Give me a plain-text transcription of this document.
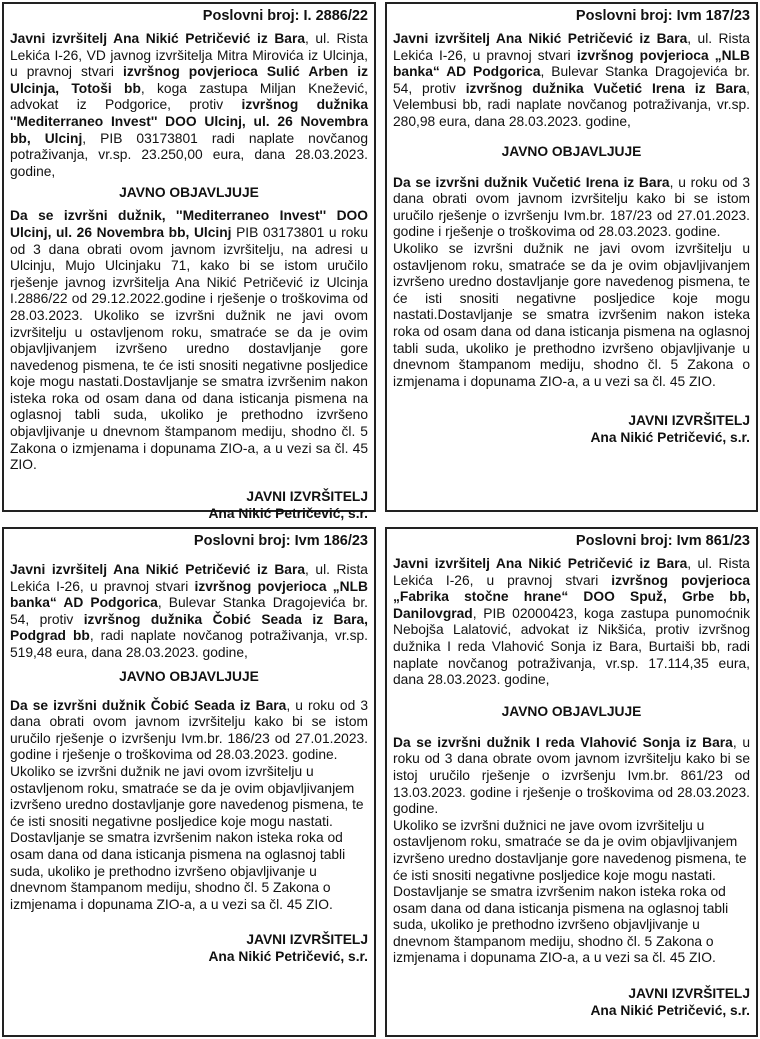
Poslovni broj: I. 2886/22

Javni izvršitelj Ana Nikić Petričević iz Bara, ul. Rista Lekića I-26, VD javnog izvršitelja Mitra Mirovića iz Ulcinja, u pravnoj stvari izvršnog povjerioca Sulić Arben iz Ulcinja, Totoši bb, koga zastupa Miljan Knežević, advokat iz Podgorice, protiv izvršnog dužnika ''Mediterraneo Invest'' DOO Ulcinj, ul. 26 Novembra bb, Ulcinj, PIB 03173801 radi naplate novčanog potraživanja, vr.sp. 23.250,00 eura, dana 28.03.2023. godine,

JAVNO OBJAVLJUJE

Da se izvršni dužnik, ''Mediterraneo Invest'' DOO Ulcinj, ul. 26 Novembra bb, Ulcinj PIB 03173801 u roku od 3 dana obrati ovom javnom izvršitelju, na adresi u Ulcinju, Mujo Ulcinjaku 71, kako bi se istom uručilo rješenje javnog izvršitelja Ana Nikić Petričević iz Ulcinja I.2886/22 od 29.12.2022.godine i rješenje o troškovima od 28.03.2023. Ukoliko se izvršni dužnik ne javi ovom izvršitelju u ostavljenom roku, smatraće se da je ovim objavljivanjem izvršeno uredno dostavljanje gore navedenog pismena, te će isti snositi negativne posljedice koje mogu nastati.Dostavljanje se smatra izvršenim nakon isteka roka od osam dana od dana isticanja pismena na oglasnoj tabli suda, ukoliko je prethodno izvršeno objavljivanje u dnevnom štampanom mediju, shodno čl. 5 Zakona o izmjenama i dopunama ZIO-a, a u vezi sa čl. 45 ZIO.

JAVNI IZVRŠITELJ
Ana Nikić Petričević, s.r.
Poslovni broj: Ivm 187/23

Javni izvršitelj Ana Nikić Petričević iz Bara, ul. Rista Lekića I-26, u pravnoj stvari izvršnog povjerioca „NLB banka“ AD Podgorica, Bulevar Stanka Dragojevića br. 54, protiv izvršnog dužnika Vučetić Irena iz Bara, Velembusi bb, radi naplate novčanog potraživanja, vr.sp. 280,98 eura, dana 28.03.2023. godine,

JAVNO OBJAVLJUJE

Da se izvršni dužnik Vučetić Irena iz Bara, u roku od 3 dana obrati ovom javnom izvršitelju kako bi se istom uručilo rješenje o izvršenju Ivm.br. 187/23 od 27.01.2023. godine i rješenje o troškovima od 28.03.2023. godine.

Ukoliko se izvršni dužnik ne javi ovom izvršitelju u ostavljenom roku, smatraće se da je ovim objavljivanjem izvršeno uredno dostavljanje gore navedenog pismena, te će isti snositi negativne posljedice koje mogu nastati.Dostavljanje se smatra izvršenim nakon isteka roka od osam dana od dana isticanja pismena na oglasnoj tabli suda, ukoliko je prethodno izvršeno objavljivanje u dnevnom štampanom mediju, shodno čl. 5 Zakona o izmjenama i dopunama ZIO-a, a u vezi sa čl. 45 ZIO.

JAVNI IZVRŠITELJ
Ana Nikić Petričević, s.r.
Poslovni broj: Ivm 186/23

Javni izvršitelj Ana Nikić Petričević iz Bara, ul. Rista Lekića I-26, u pravnoj stvari izvršnog povjerioca „NLB banka“ AD Podgorica, Bulevar Stanka Dragojevića br. 54, protiv izvršnog dužnika Čobić Seada iz Bara, Podgrad bb, radi naplate novčanog potraživanja, vr.sp. 519,48 eura, dana 28.03.2023. godine,

JAVNO OBJAVLJUJE

Da se izvršni dužnik Čobić Seada iz Bara, u roku od 3 dana obrati ovom javnom izvršitelju kako bi se istom uručilo rješenje o izvršenju Ivm.br. 186/23 od 27.01.2023. godine i rješenje o troškovima od 28.03.2023. godine.

Ukoliko se izvršni dužnik ne javi ovom izvršitelju u ostavljenom roku, smatraće se da je ovim objavljivanjem izvršeno uredno dostavljanje gore navedenog pismena, te će isti snositi negativne posljedice koje mogu nastati.

Dostavljanje se smatra izvršenim nakon isteka roka od osam dana od dana isticanja pismena na oglasnoj tabli suda, ukoliko je prethodno izvršeno objavljivanje u dnevnom štampanom mediju, shodno čl. 5 Zakona o izmjenama i dopunama ZIO-a, a u vezi sa čl. 45 ZIO.

JAVNI IZVRŠITELJ
Ana Nikić Petričević, s.r.
Poslovni broj: Ivm 861/23

Javni izvršitelj Ana Nikić Petričević iz Bara, ul. Rista Lekića I-26, u pravnoj stvari izvršnog povjerioca „Fabrika stočne hrane“ DOO Spuž, Grbe bb, Danilovgrad, PIB 02000423, koga zastupa punomoćnik Nebojša Lalatović, advokat iz Nikšića, protiv izvršnog dužnika I reda Vlahović Sonja iz Bara, Burtaiši bb, radi naplate novčanog potraživanja, vr.sp. 17.114,35 eura, dana 28.03.2023. godine,

JAVNO OBJAVLJUJE

Da se izvršni dužnik I reda Vlahović Sonja iz Bara, u roku od 3 dana obrate ovom javnom izvršitelju kako bi se istoj uručilo rješenje o izvršenju Ivm.br. 861/23 od 13.03.2023. godine i rješenje o troškovima od 28.03.2023. godine.

Ukoliko se izvršni dužnici ne jave ovom izvršitelju u ostavljenom roku, smatraće se da je ovim objavljivanjem izvršeno uredno dostavljanje gore navedenog pismena, te će isti snositi negativne posljedice koje mogu nastati.

Dostavljanje se smatra izvršenim nakon isteka roka od osam dana od dana isticanja pismena na oglasnoj tabli suda, ukoliko je prethodno izvršeno objavljivanje u dnevnom štampanom mediju, shodno čl. 5 Zakona o izmjenama i dopunama ZIO-a, a u vezi sa čl. 45 ZIO.

JAVNI IZVRŠITELJ
Ana Nikić Petričević, s.r.
